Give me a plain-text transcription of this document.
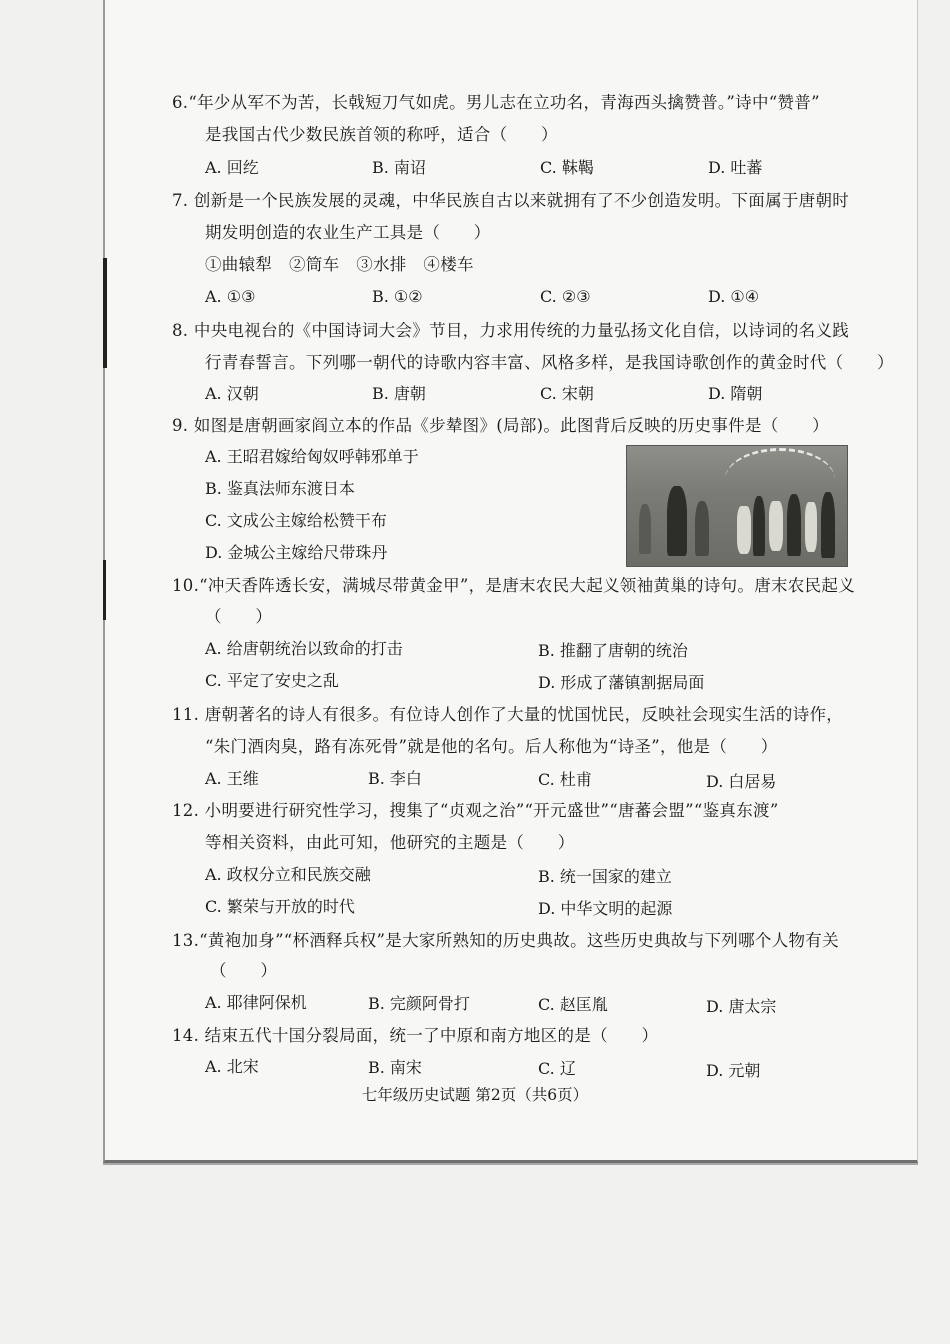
6.“年少从军不为苦，长戟短刀气如虎。男儿志在立功名，青海西头擒赞普。”诗中“赞普”
是我国古代少数民族首领的称呼，适合（　　）
A. 回纥	B. 南诏	C. 靺鞨	D. 吐蕃
7. 创新是一个民族发展的灵魂，中华民族自古以来就拥有了不少创造发明。下面属于唐朝时
期发明创造的农业生产工具是（　　）
①曲辕犁　②筒车　③水排　④楼车
A. ①③	B. ①②	C. ②③	D. ①④
8. 中央电视台的《中国诗词大会》节目，力求用传统的力量弘扬文化自信，以诗词的名义践
行青春誓言。下列哪一朝代的诗歌内容丰富、风格多样，是我国诗歌创作的黄金时代（　　）
A. 汉朝	B. 唐朝	C. 宋朝	D. 隋朝
9. 如图是唐朝画家阎立本的作品《步辇图》(局部)。此图背后反映的历史事件是（　　）
A. 王昭君嫁给匈奴呼韩邪单于
B. 鉴真法师东渡日本
C. 文成公主嫁给松赞干布
D. 金城公主嫁给尺带珠丹
10.“冲天香阵透长安，满城尽带黄金甲”，是唐末农民大起义领袖黄巢的诗句。唐末农民起义
（　　）
A. 给唐朝统治以致命的打击	B. 推翻了唐朝的统治
C. 平定了安史之乱	D. 形成了藩镇割据局面
11. 唐朝著名的诗人有很多。有位诗人创作了大量的忧国忧民，反映社会现实生活的诗作，
“朱门酒肉臭，路有冻死骨”就是他的名句。后人称他为“诗圣”，他是（　　）
A. 王维	B. 李白	C. 杜甫	D. 白居易
12. 小明要进行研究性学习，搜集了“贞观之治”“开元盛世”“唐蕃会盟”“鉴真东渡”
等相关资料，由此可知，他研究的主题是（　　）
A. 政权分立和民族交融	B. 统一国家的建立
C. 繁荣与开放的时代	D. 中华文明的起源
13.“黄袍加身”“杯酒释兵权”是大家所熟知的历史典故。这些历史典故与下列哪个人物有关
（　　）
A. 耶律阿保机	B. 完颜阿骨打	C. 赵匡胤	D. 唐太宗
14. 结束五代十国分裂局面，统一了中原和南方地区的是（　　）
A. 北宋	B. 南宋	C. 辽	D. 元朝
七年级历史试题 第2页（共6页）
